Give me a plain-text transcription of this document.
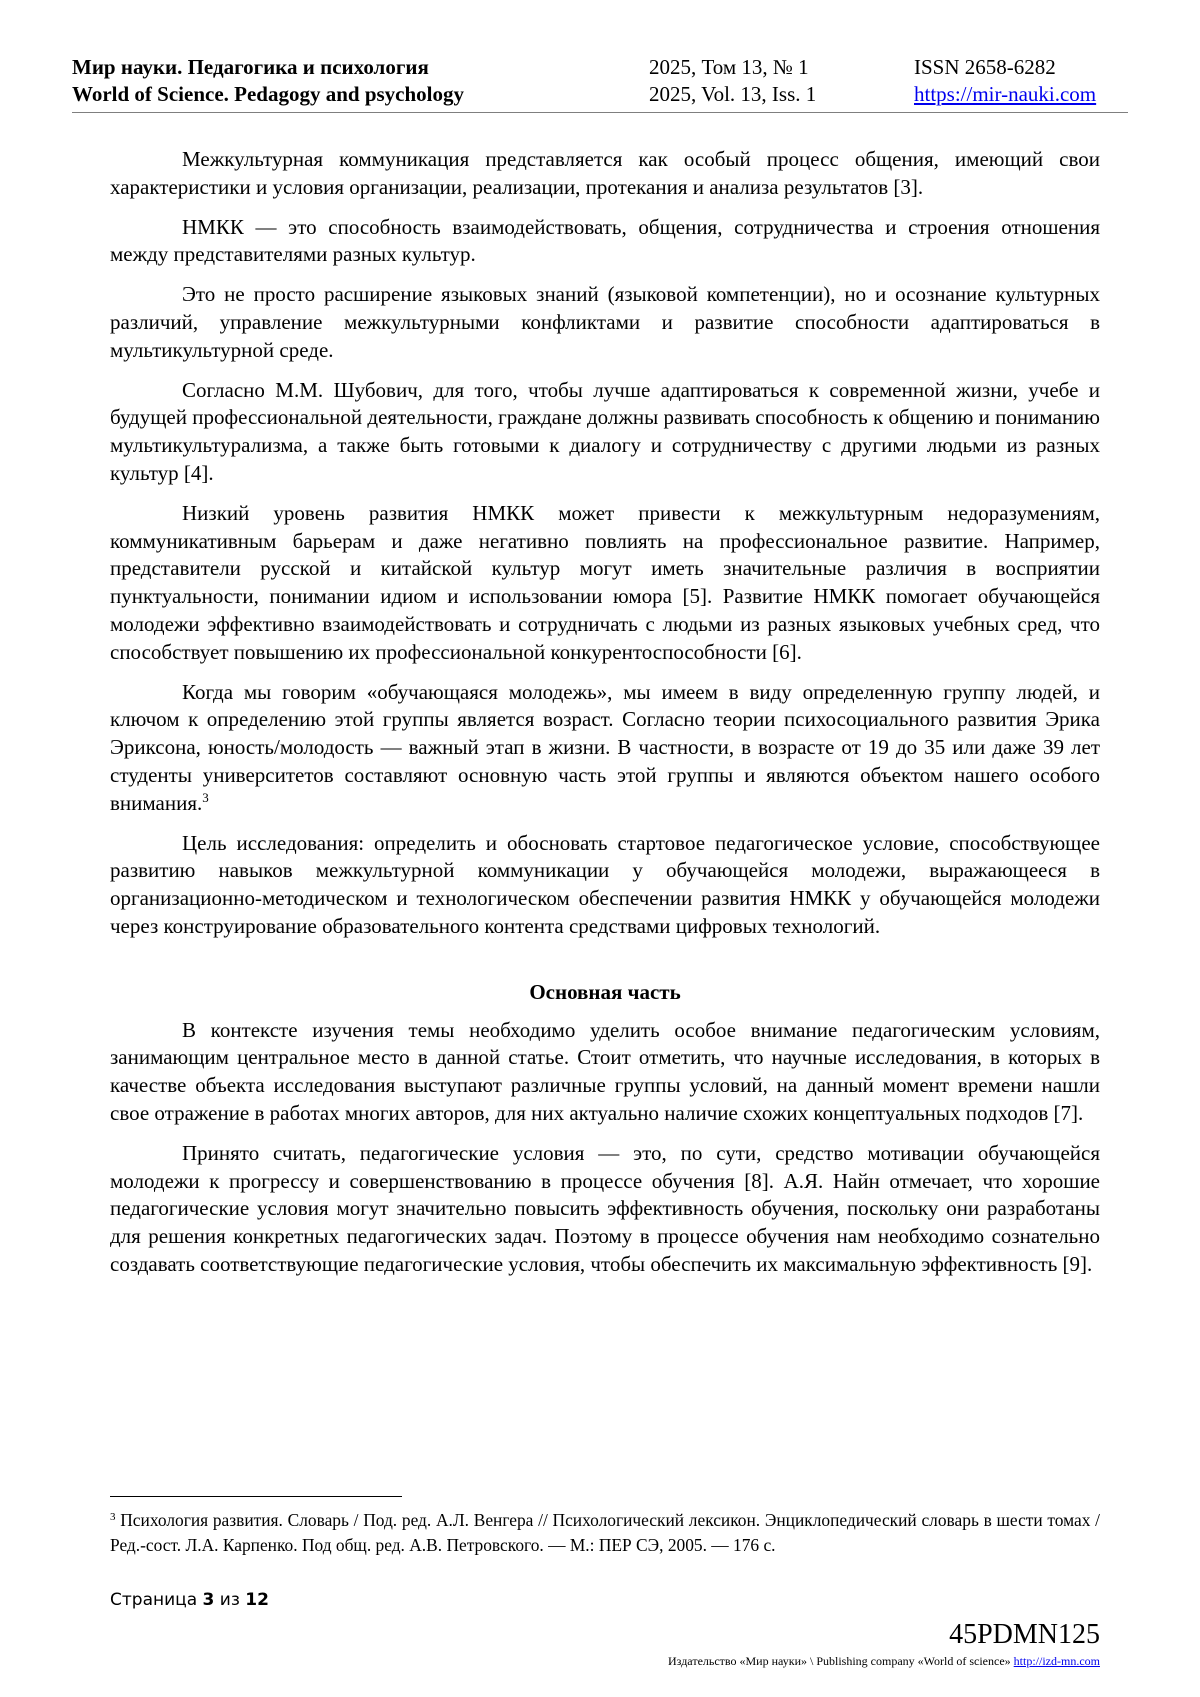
Мир науки. Педагогика и психология
World of Science. Pedagogy and psychology
2025, Том 13, № 1
2025, Vol. 13, Iss. 1
ISSN 2658-6282
https://mir-nauki.com

Межкультурная коммуникация представляется как особый процесс общения, имеющий свои характеристики и условия организации, реализации, протекания и анализа результатов [3].

НМКК — это способность взаимодействовать, общения, сотрудничества и строения отношения между представителями разных культур.

Это не просто расширение языковых знаний (языковой компетенции), но и осознание культурных различий, управление межкультурными конфликтами и развитие способности адаптироваться в мультикультурной среде.

Согласно М.М. Шубович, для того, чтобы лучше адаптироваться к современной жизни, учебе и будущей профессиональной деятельности, граждане должны развивать способность к общению и пониманию мультикультурализма, а также быть готовыми к диалогу и сотрудничеству с другими людьми из разных культур [4].

Низкий уровень развития НМКК может привести к межкультурным недоразумениям, коммуникативным барьерам и даже негативно повлиять на профессиональное развитие. Например, представители русской и китайской культур могут иметь значительные различия в восприятии пунктуальности, понимании идиом и использовании юмора [5]. Развитие НМКК помогает обучающейся молодежи эффективно взаимодействовать и сотрудничать с людьми из разных языковых учебных сред, что способствует повышению их профессиональной конкурентоспособности [6].

Когда мы говорим «обучающаяся молодежь», мы имеем в виду определенную группу людей, и ключом к определению этой группы является возраст. Согласно теории психосоциального развития Эрика Эриксона, юность/молодость — важный этап в жизни. В частности, в возрасте от 19 до 35 или даже 39 лет студенты университетов составляют основную часть этой группы и являются объектом нашего особого внимания.$^3$

Цель исследования: определить и обосновать стартовое педагогическое условие, способствующее развитию навыков межкультурной коммуникации у обучающейся молодежи, выражающееся в организационно-методическом и технологическом обеспечении развития НМКК у обучающейся молодежи через конструирование образовательного контента средствами цифровых технологий.

Основная часть

В контексте изучения темы необходимо уделить особое внимание педагогическим условиям, занимающим центральное место в данной статье. Стоит отметить, что научные исследования, в которых в качестве объекта исследования выступают различные группы условий, на данный момент времени нашли свое отражение в работах многих авторов, для них актуально наличие схожих концептуальных подходов [7].

Принято считать, педагогические условия — это, по сути, средство мотивации обучающейся молодежи к прогрессу и совершенствованию в процессе обучения [8]. А.Я. Найн отмечает, что хорошие педагогические условия могут значительно повысить эффективность обучения, поскольку они разработаны для решения конкретных педагогических задач. Поэтому в процессе обучения нам необходимо сознательно создавать соответствующие педагогические условия, чтобы обеспечить их максимальную эффективность [9].

$^3$ Психология развития. Словарь / Под. ред. А.Л. Венгера // Психологический лексикон. Энциклопедический словарь в шести томах / Ред.-сост. Л.А. Карпенко. Под общ. ред. А.В. Петровского. — М.: ПЕР СЭ, 2005. — 176 с.

Страница 3 из 12
45PDMN125
Издательство «Мир науки» \ Publishing company «World of science» http://izd-mn.com
